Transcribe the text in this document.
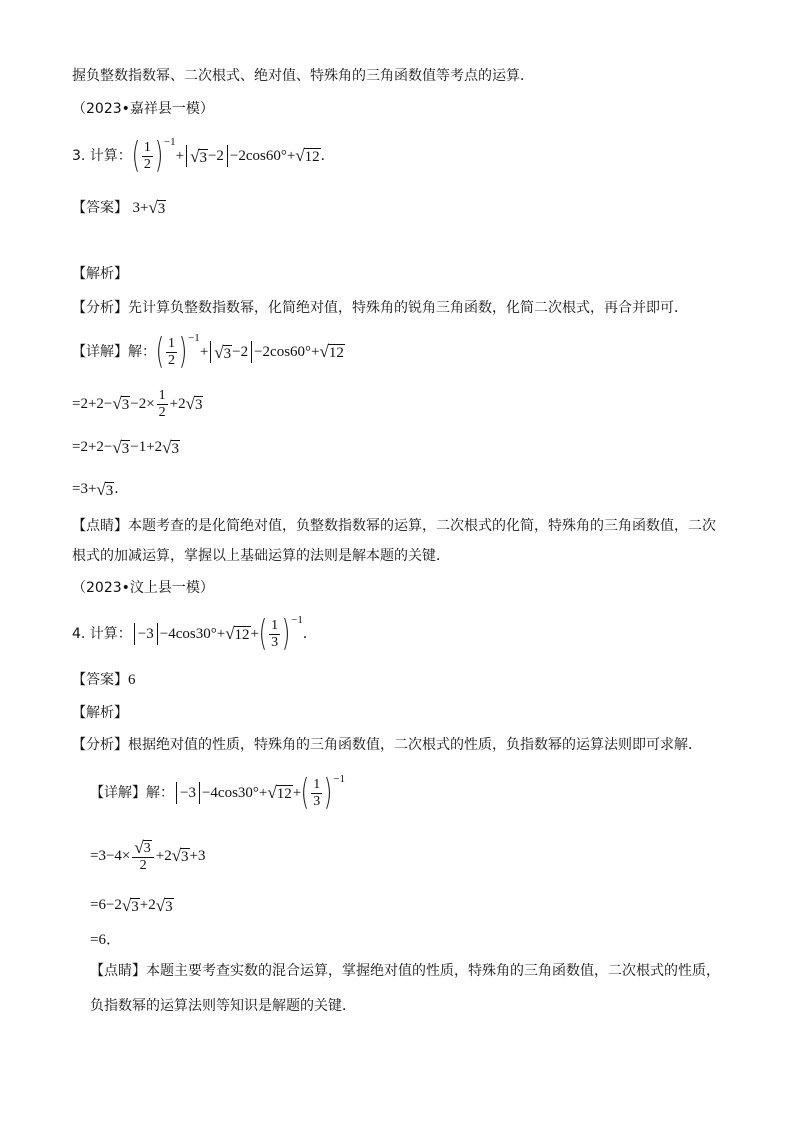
握负整数指数幂、二次根式、绝对值、特殊角的三角函数值等考点的运算．
（2023•嘉祥县一模）
3. 计算： ( $\frac{1}{2}$ ) −1
+ √ 3 −2 −2cos60°+ √ 12 ．
【答案】 3+ √ 3
【解析】
【分析】先计算负整数指数幂，化简绝对值，特殊角的锐角三角函数，化简二次根式，再合并即可．
【详解】 解： ( $\frac{1}{2}$ ) −1
+ √ 3 −2 −2cos60°+ √ 12
=2+2− √ $3 -2\times \frac{1}{2} +2$ √ 3
=2+2− √ 3 −1+2 √ 3
=3+ √ 3 ．
【点睛】本题考查的是化简绝对值，负整数指数幂的运算，二次根式的化简，特殊角的三角函数值，二次
根式的加减运算，掌握以上基础运算的法则是解本题的关键．
（2023•汶上县一模）
4. 计算： −3 −4cos30°+ √ 12 + ( $\frac{1}{3}$ ) −1
．
【答案】6
【解析】
【分析】根据绝对值的性质，特殊角的三角函数值，二次根式的性质，负指数幂的运算法则即可求解．
【详解】 解： −3 −4cos30°+ √ 12 + ( $\frac{1}{3}$ ) −1
$=3-4\times \frac{√ 3}{2} +2$ √ 3 +3
=6−2 √ 3 +2 √ 3
=6．
【点睛】本题主要考查实数的混合运算，掌握绝对值的性质，特殊角的三角函数值，二次根式的性质，
负指数幂的运算法则等知识是解题的关键．
